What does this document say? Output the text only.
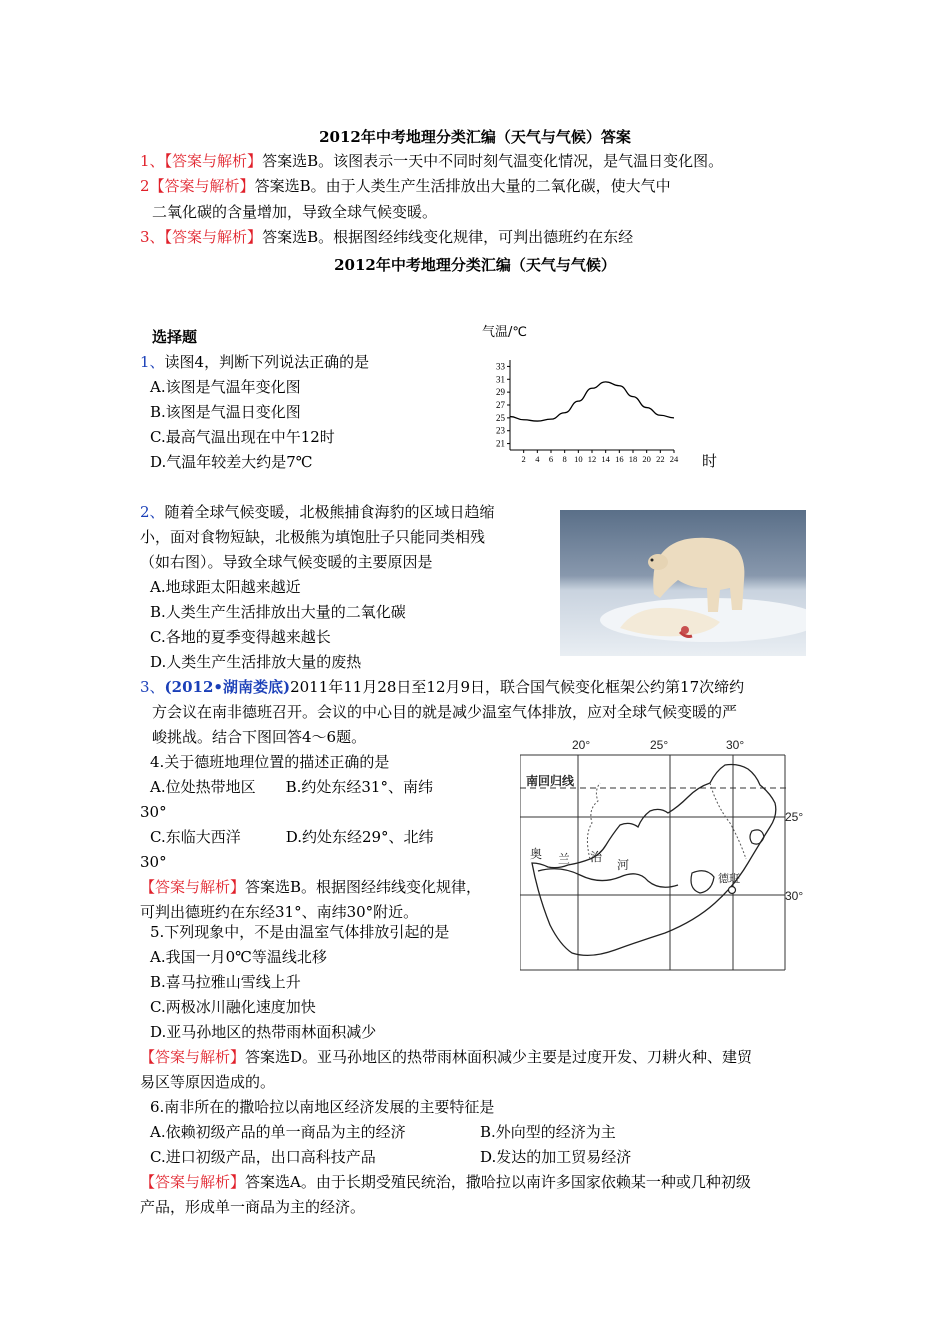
2012年中考地理分类汇编（天气与气候）答案
1、【答案与解析】答案选B。该图表示一天中不同时刻气温变化情况，是气温日变化图。
2【答案与解析】答案选B。由于人类生产生活排放出大量的二氧化碳，使大气中
二氧化碳的含量增加，导致全球气候变暖。
3、【答案与解析】答案选B。根据图经纬线变化规律，可判出德班约在东经
2012年中考地理分类汇编（天气与气候）
选择题
1、读图4，判断下列说法正确的是
A.该图是气温年变化图
B.该图是气温日变化图
C.最高气温出现在中午12时
D.气温年较差大约是7℃
气温/℃
时
21
23
25
27
29
31
33
2 4 6 8 10 12 14 16 18 20 22 24
2、随着全球气候变暖，北极熊捕食海豹的区域日趋缩
小，面对食物短缺，北极熊为填饱肚子只能同类相残
（如右图）。导致全球气候变暖的主要原因是
A.地球距太阳越来越近
B.人类生产生活排放出大量的二氧化碳
C.各地的夏季变得越来越长
D.人类生产生活排放大量的废热
3、(2012•湖南娄底)2011年11月28日至12月9日，联合国气候变化框架公约第17次缔约
方会议在南非德班召开。会议的中心目的就是减少温室气体排放，应对全球气候变暖的严
峻挑战。结合下图回答4～6题。
4.关于德班地理位置的描述正确的是
A.位处热带地区　　B.约处东经31°、南纬
30°
C.东临大西洋　　　D.约处东经29°、北纬
30°
【答案与解析】答案选B。根据图经纬线变化规律，
可判出德班约在东经31°、南纬30°附近。
20°	25°	30°
25°
30°
南回归线
奥 兰 治
河
德班
5.下列现象中，不是由温室气体排放引起的是
A.我国一月0℃等温线北移
B.喜马拉雅山雪线上升
C.两极冰川融化速度加快
D.亚马孙地区的热带雨林面积减少
【答案与解析】答案选D。亚马孙地区的热带雨林面积减少主要是过度开发、刀耕火种、建贸
易区等原因造成的。
6.南非所在的撒哈拉以南地区经济发展的主要特征是
A.依赖初级产品的单一商品为主的经济	B.外向型的经济为主
C.进口初级产品，出口高科技产品	D.发达的加工贸易经济
【答案与解析】答案选A。由于长期受殖民统治，撒哈拉以南许多国家依赖某一种或几种初级
产品，形成单一商品为主的经济。
